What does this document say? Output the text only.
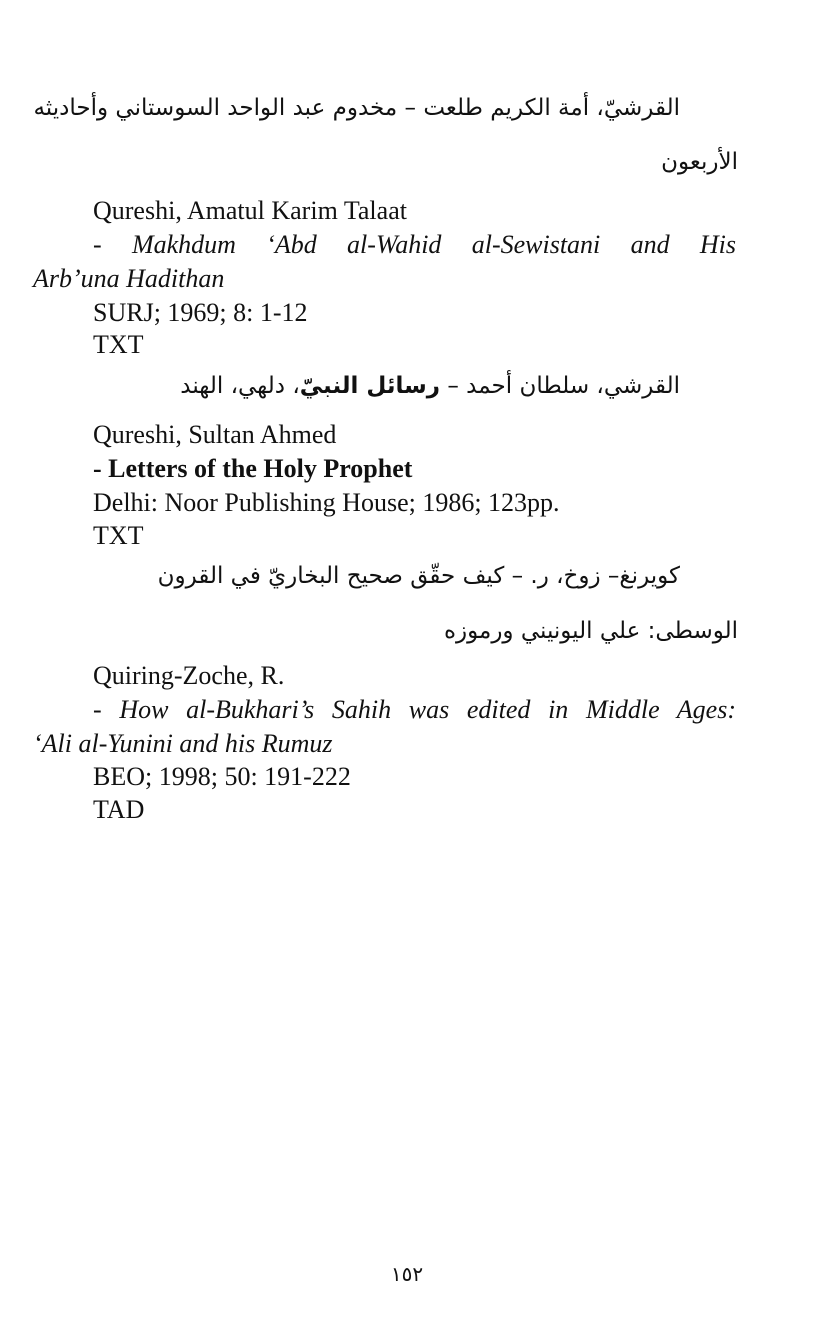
القرشيّ، أمة الكريم طلعت – مخدوم عبد الواحد السوستاني وأحاديثه
الأربعون
Qureshi, Amatul Karim Talaat
- Makhdum ‘Abd al-Wahid al-Sewistani and His
Arb’una Hadithan
SURJ; 1969; 8: 1-12
TXT
القرشي، سلطان أحمد – رسائل النبيّ، دلهي، الهند
Qureshi, Sultan Ahmed
- Letters of the Holy Prophet
Delhi: Noor Publishing House; 1986; 123pp.
TXT
كويرنغ– زوخ، ر. – كيف حقّق صحيح البخاريّ في القرون
الوسطى: علي اليونيني ورموزه
Quiring-Zoche, R.
- How al-Bukhari’s Sahih was edited in Middle Ages:
‘Ali al-Yunini and his Rumuz
BEO; 1998; 50: 191-222
TAD
١٥٢
